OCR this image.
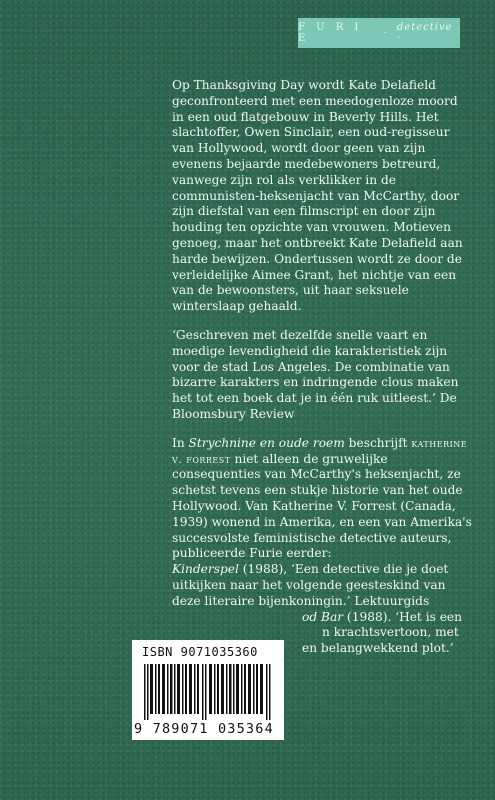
F U R I E	· detective ·

Op Thanksgiving Day wordt Kate Delafield geconfronteerd met een meedogenloze moord in een oud flatgebouw in Beverly Hills. Het slachtoffer, Owen Sinclair, een oud-regisseur van Hollywood, wordt door geen van zijn evenens bejaarde medebewoners betreurd, vanwege zijn rol als verklikker in de communisten-heksenjacht van McCarthy, door zijn diefstal van een filmscript en door zijn houding ten opzichte van vrouwen. Motieven genoeg, maar het ontbreekt Kate Delafield aan harde bewijzen. Ondertussen wordt ze door de verleidelijke Aimee Grant, het nichtje van een van de bewoonsters, uit haar seksuele winterslaap gehaald.

‘Geschreven met dezelfde snelle vaart en moedige levendigheid die karakteristiek zijn voor de stad Los Angeles. De combinatie van bizarre karakters en indringende clous maken het tot een boek dat je in één ruk uitleest.’ De Bloomsbury Review

In Strychnine en oude roem beschrijft katherine v. forrest niet alleen de gruwelijke consequenties van McCarthy's heksenjacht, ze schetst tevens een stukje historie van het oude Hollywood. Van Katherine V. Forrest (Canada, 1939) wonend in Amerika, en een van Amerika's succesvolste feministische detective auteurs, publiceerde Furie eerder:
Kinderspel (1988), ‘Een detective die je doet uitkijken naar het volgende geesteskind van deze literaire bijenkoningin.’ Lektuurgids
od Bar (1988). ‘Het is een
n krachtsvertoon, met
en belangwekkend plot.’

ISBN 9071035360
9 789071 035364
